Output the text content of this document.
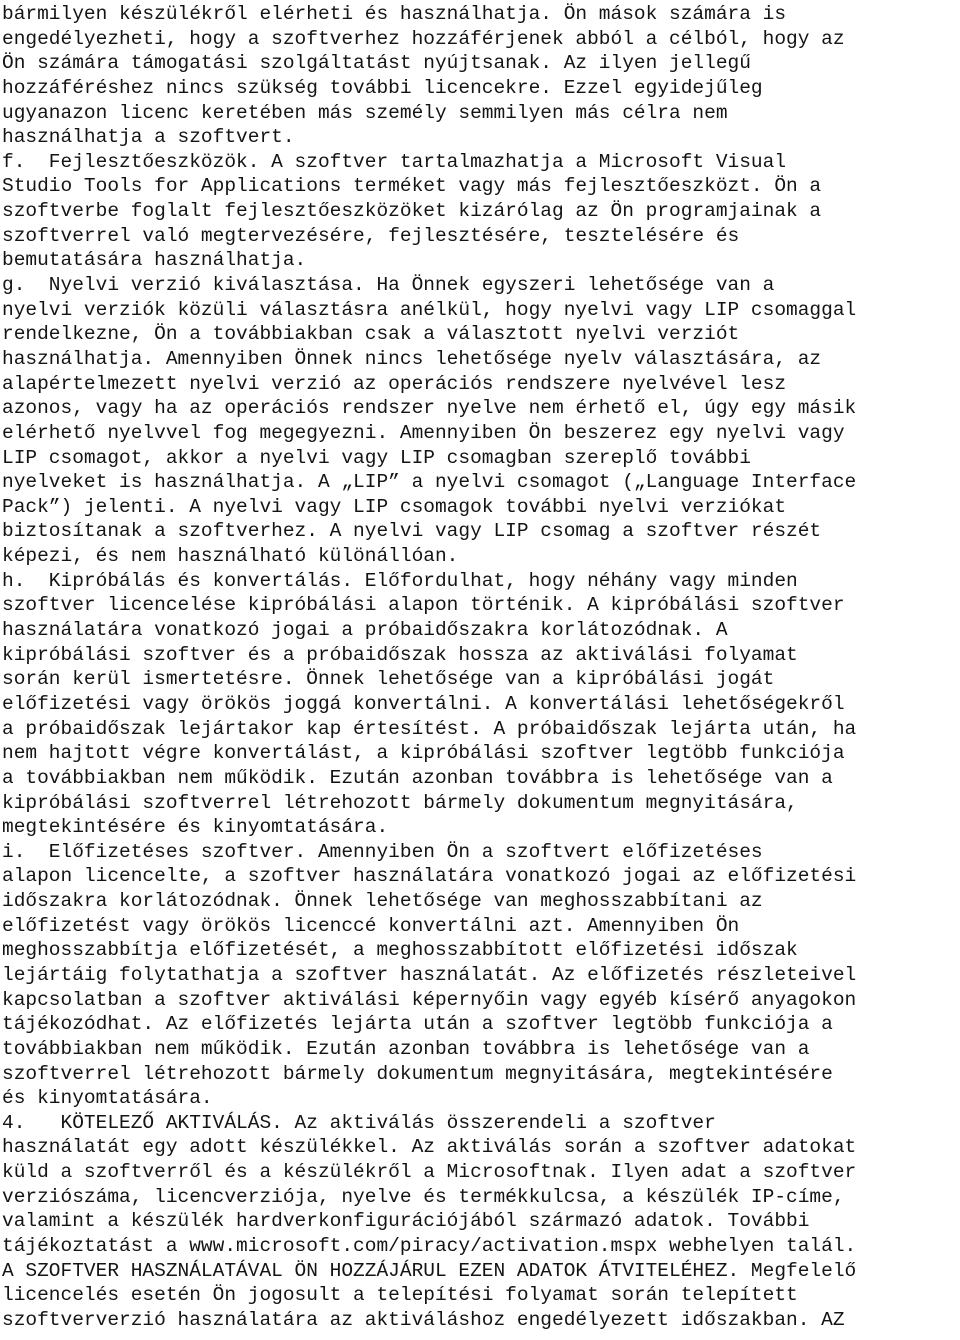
bármilyen készülékről elérheti és használhatja. Ön mások számára is
engedélyezheti, hogy a szoftverhez hozzáférjenek abból a célból, hogy az
Ön számára támogatási szolgáltatást nyújtsanak. Az ilyen jellegű
hozzáféréshez nincs szükség további licencekre. Ezzel egyidejűleg
ugyanazon licenc keretében más személy semmilyen más célra nem
használhatja a szoftvert.
f.  Fejlesztőeszközök. A szoftver tartalmazhatja a Microsoft Visual
Studio Tools for Applications terméket vagy más fejlesztőeszközt. Ön a
szoftverbe foglalt fejlesztőeszközöket kizárólag az Ön programjainak a
szoftverrel való megtervezésére, fejlesztésére, tesztelésére és
bemutatására használhatja.
g.  Nyelvi verzió kiválasztása. Ha Önnek egyszeri lehetősége van a
nyelvi verziók közüli választásra anélkül, hogy nyelvi vagy LIP csomaggal
rendelkezne, Ön a továbbiakban csak a választott nyelvi verziót
használhatja. Amennyiben Önnek nincs lehetősége nyelv választására, az
alapértelmezett nyelvi verzió az operációs rendszere nyelvével lesz
azonos, vagy ha az operációs rendszer nyelve nem érhető el, úgy egy másik
elérhető nyelvvel fog megegyezni. Amennyiben Ön beszerez egy nyelvi vagy
LIP csomagot, akkor a nyelvi vagy LIP csomagban szereplő további
nyelveket is használhatja. A „LIP” a nyelvi csomagot („Language Interface
Pack”) jelenti. A nyelvi vagy LIP csomagok további nyelvi verziókat
biztosítanak a szoftverhez. A nyelvi vagy LIP csomag a szoftver részét
képezi, és nem használható különállóan.
h.  Kipróbálás és konvertálás. Előfordulhat, hogy néhány vagy minden
szoftver licencelése kipróbálási alapon történik. A kipróbálási szoftver
használatára vonatkozó jogai a próbaidőszakra korlátozódnak. A
kipróbálási szoftver és a próbaidőszak hossza az aktiválási folyamat
során kerül ismertetésre. Önnek lehetősége van a kipróbálási jogát
előfizetési vagy örökös joggá konvertálni. A konvertálási lehetőségekről
a próbaidőszak lejártakor kap értesítést. A próbaidőszak lejárta után, ha
nem hajtott végre konvertálást, a kipróbálási szoftver legtöbb funkciója
a továbbiakban nem működik. Ezután azonban továbbra is lehetősége van a
kipróbálási szoftverrel létrehozott bármely dokumentum megnyitására,
megtekintésére és kinyomtatására.
i.  Előfizetéses szoftver. Amennyiben Ön a szoftvert előfizetéses
alapon licencelte, a szoftver használatára vonatkozó jogai az előfizetési
időszakra korlátozódnak. Önnek lehetősége van meghosszabbítani az
előfizetést vagy örökös licenccé konvertálni azt. Amennyiben Ön
meghosszabbítja előfizetését, a meghosszabbított előfizetési időszak
lejártáig folytathatja a szoftver használatát. Az előfizetés részleteivel
kapcsolatban a szoftver aktiválási képernyőin vagy egyéb kísérő anyagokon
tájékozódhat. Az előfizetés lejárta után a szoftver legtöbb funkciója a
továbbiakban nem működik. Ezután azonban továbbra is lehetősége van a
szoftverrel létrehozott bármely dokumentum megnyitására, megtekintésére
és kinyomtatására.
4.   KÖTELEZŐ AKTIVÁLÁS. Az aktiválás összerendeli a szoftver
használatát egy adott készülékkel. Az aktiválás során a szoftver adatokat
küld a szoftverről és a készülékről a Microsoftnak. Ilyen adat a szoftver
verziószáma, licencverziója, nyelve és termékkulcsa, a készülék IP-címe,
valamint a készülék hardverkonfigurációjából származó adatok. További
tájékoztatást a www.microsoft.com/piracy/activation.mspx webhelyen talál.
A SZOFTVER HASZNÁLATÁVAL ÖN HOZZÁJÁRUL EZEN ADATOK ÁTVITELÉHEZ. Megfelelő
licencelés esetén Ön jogosult a telepítési folyamat során telepített
szoftververzió használatára az aktiváláshoz engedélyezett időszakban. AZ
